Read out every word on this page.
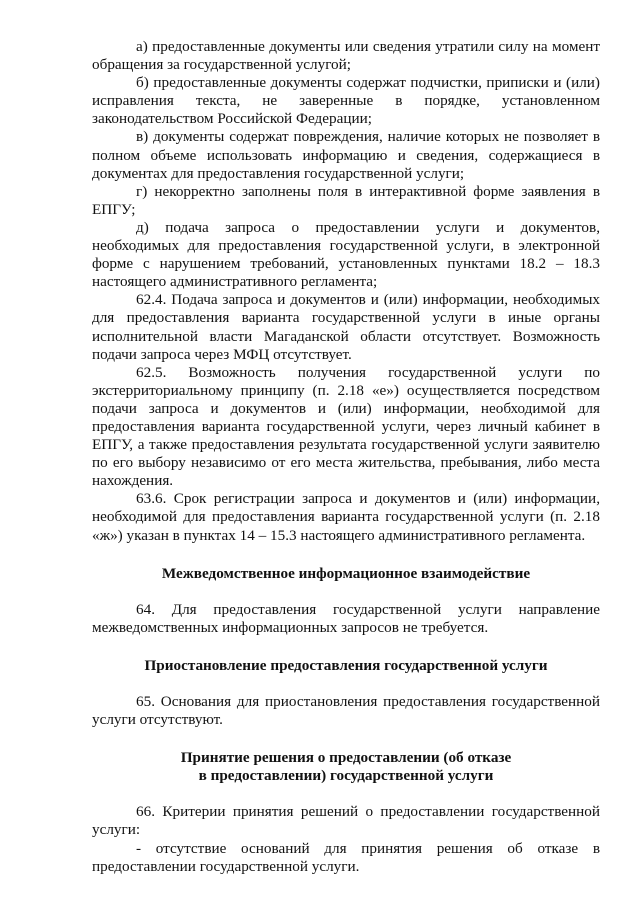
а) предоставленные документы или сведения утратили силу на момент обращения за государственной услугой;

б) предоставленные документы содержат подчистки, приписки и (или) исправления текста, не заверенные в порядке, установленном законодательством Российской Федерации;

в) документы содержат повреждения, наличие которых не позволяет в полном объеме использовать информацию и сведения, содержащиеся в документах для предоставления государственной услуги;

г) некорректно заполнены поля в интерактивной форме заявления в ЕПГУ;

д) подача запроса о предоставлении услуги и документов, необходимых для предоставления государственной услуги, в электронной форме с нарушением требований, установленных пунктами 18.2 – 18.3 настоящего административного регламента;

62.4. Подача запроса и документов и (или) информации, необходимых для предоставления варианта государственной услуги в иные органы исполнительной власти Магаданской области отсутствует. Возможность подачи запроса через МФЦ отсутствует.

62.5. Возможность получения государственной услуги по экстерриториальному принципу (п. 2.18 «е») осуществляется посредством подачи запроса и документов и (или) информации, необходимой для предоставления варианта государственной услуги, через личный кабинет в ЕПГУ, а также предоставления результата государственной услуги заявителю по его выбору независимо от его места жительства, пребывания, либо места нахождения.

63.6. Срок регистрации запроса и документов и (или) информации, необходимой для предоставления варианта государственной услуги (п. 2.18 «ж») указан в пунктах 14 – 15.3 настоящего административного регламента.

Межведомственное информационное взаимодействие

64. Для предоставления государственной услуги направление межведомственных информационных запросов не требуется.

Приостановление предоставления государственной услуги

65. Основания для приостановления предоставления государственной услуги отсутствуют.

Принятие решения о предоставлении (об отказе

в предоставлении) государственной услуги

66. Критерии принятия решений о предоставлении государственной услуги:

- отсутствие оснований для принятия решения об отказе в предоставлении государственной услуги.
